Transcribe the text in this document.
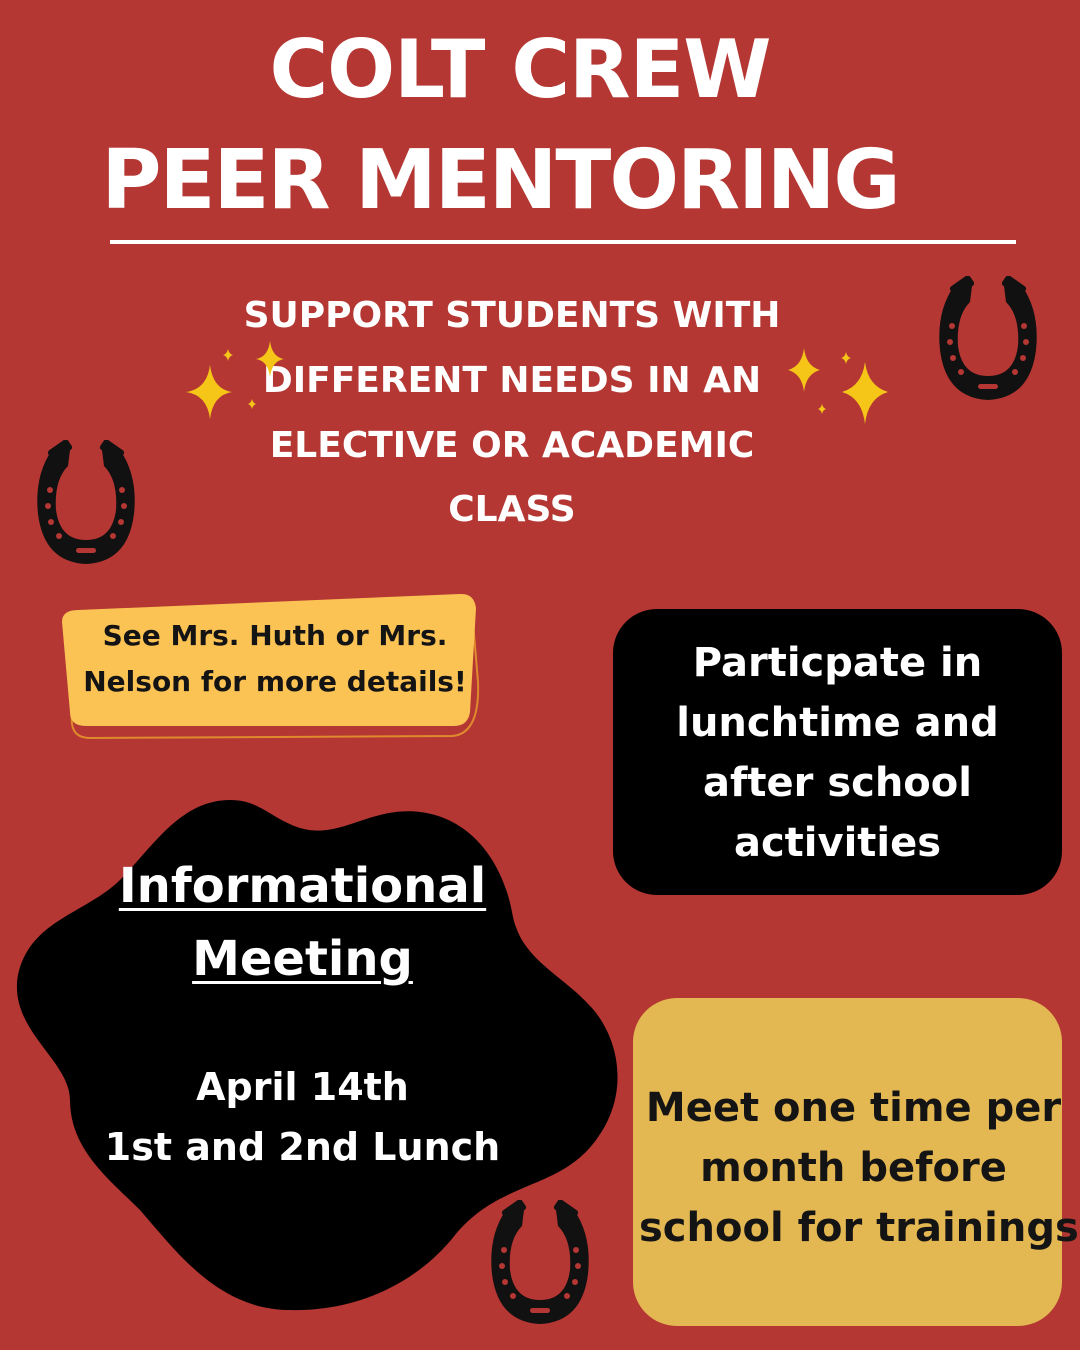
COLT CREW
PEER MENTORING
SUPPORT STUDENTS WITH
DIFFERENT NEEDS IN AN
ELECTIVE OR ACADEMIC
CLASS
See Mrs. Huth or Mrs.
Nelson for more details!	Particpate in
lunchtime and
after school
activities
Informational
Meeting
April 14th
1st and 2nd Lunch
Meet one time per
month before
school for trainings
